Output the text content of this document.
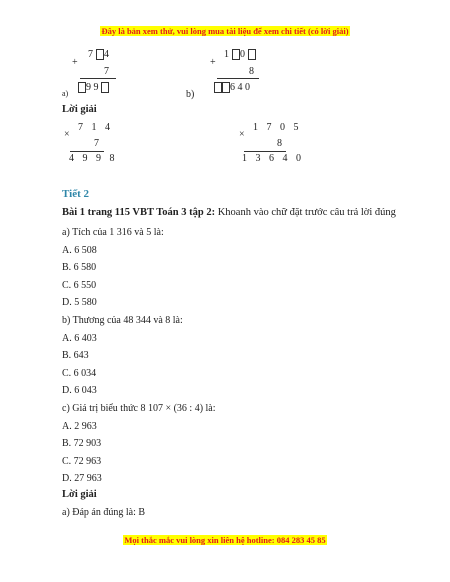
Đây là bản xem thử, vui lòng mua tài liệu để xem chi tiết (có lời giải)
+
7 4
7
a)
9 9
+
1 0
8
b)
6 4 0
Lời giải
×
7 1 4
7
4 9 9 8
×
1 7 0 5
8
1 3 6 4 0
Tiết 2
Bài 1 trang 115 VBT Toán 3 tập 2: Khoanh vào chữ đặt trước câu trả lời đúng
a) Tích của 1 316 và 5 là:
A. 6 508
B. 6 580
C. 6 550
D. 5 580
b) Thương của 48 344 và 8 là:
A. 6 403
B. 643
C. 6 034
D. 6 043
c) Giá trị biểu thức 8 107 × (36 : 4) là:
A. 2 963
B. 72 903
C. 72 963
D. 27 963
Lời giải
a) Đáp án đúng là: B
Mọi thắc mắc vui lòng xin liên hệ hotline: 084 283 45 85
